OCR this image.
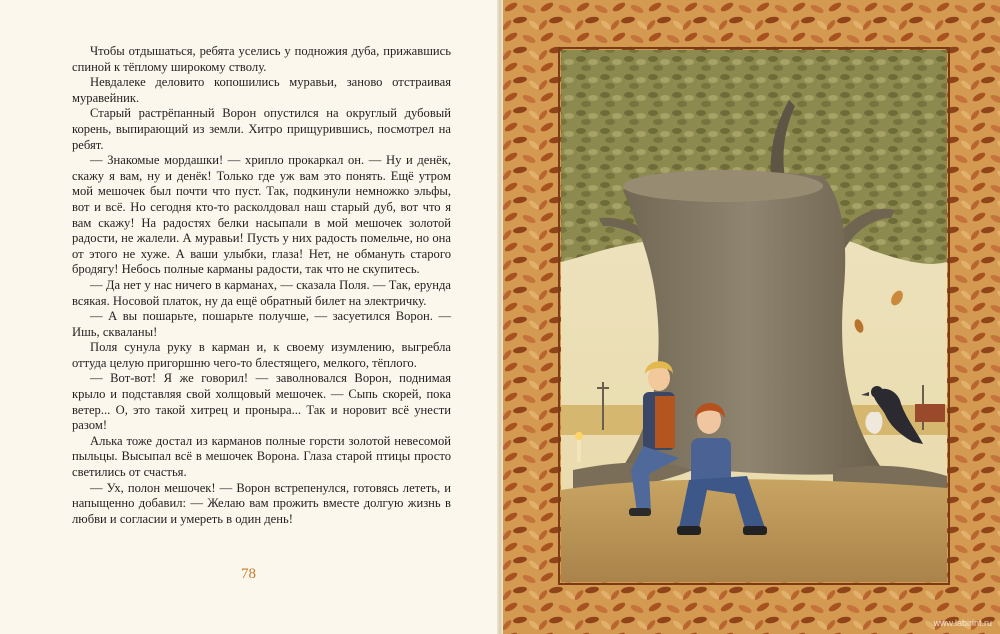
Чтобы отдышаться, ребята уселись у подножия дуба, прижавшись спиной к тёплому широкому стволу.

Невдалеке деловито копошились муравьи, заново отстраивая муравейник.

Старый растрёпанный Ворон опустился на округлый дубовый корень, выпирающий из земли. Хитро прищурившись, посмотрел на ребят.

— Знакомые мордашки! — хрипло прокаркал он. — Ну и денёк, скажу я вам, ну и денёк! Только где уж вам это понять. Ещё утром мой мешочек был почти что пуст. Так, подкинули немножко эльфы, вот и всё. Но сегодня кто-то расколдовал наш старый дуб, вот что я вам скажу! На радостях белки насыпали в мой мешочек золотой радости, не жалели. А муравьи! Пусть у них радость помельче, но она от этого не хуже. А ваши улыбки, глаза! Нет, не обмануть старого бродягу! Небось полные карманы радости, так что не скупитесь.

— Да нет у нас ничего в карманах, — сказала Поля. — Так, ерунда всякая. Носовой платок, ну да ещё обратный билет на электричку.

— А вы пошарьте, пошарьте получше, — засуетился Ворон. — Ишь, скваланы!

Поля сунула руку в карман и, к своему изумлению, выгребла оттуда целую пригоршню чего-то блестящего, мелкого, тёплого.

— Вот-вот! Я же говорил! — заволновался Ворон, поднимая крыло и подставляя свой холщовый мешочек. — Сыпь скорей, пока ветер... О, это такой хитрец и проныра... Так и норовит всё унести разом!

Алька тоже достал из карманов полные горсти золотой невесомой пыльцы. Высыпал всё в мешочек Ворона. Глаза старой птицы просто светились от счастья.

— Ух, полон мешочек! — Ворон встрепенулся, готовясь лететь, и напыщенно добавил: — Желаю вам прожить вместе долгую жизнь в любви и согласии и умереть в один день!

78
www.labirint.ru
